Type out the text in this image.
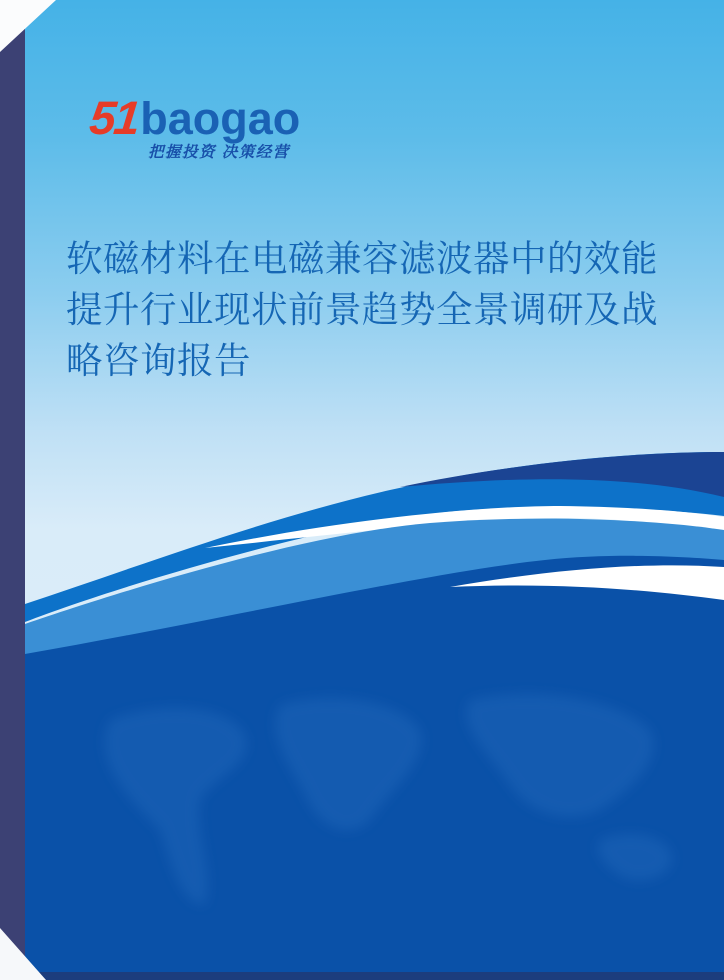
51 baogao
把握投资 决策经营
软磁材料在电磁兼容滤波器中的效能提升行业现状前景趋势全景调研及战略咨询报告
